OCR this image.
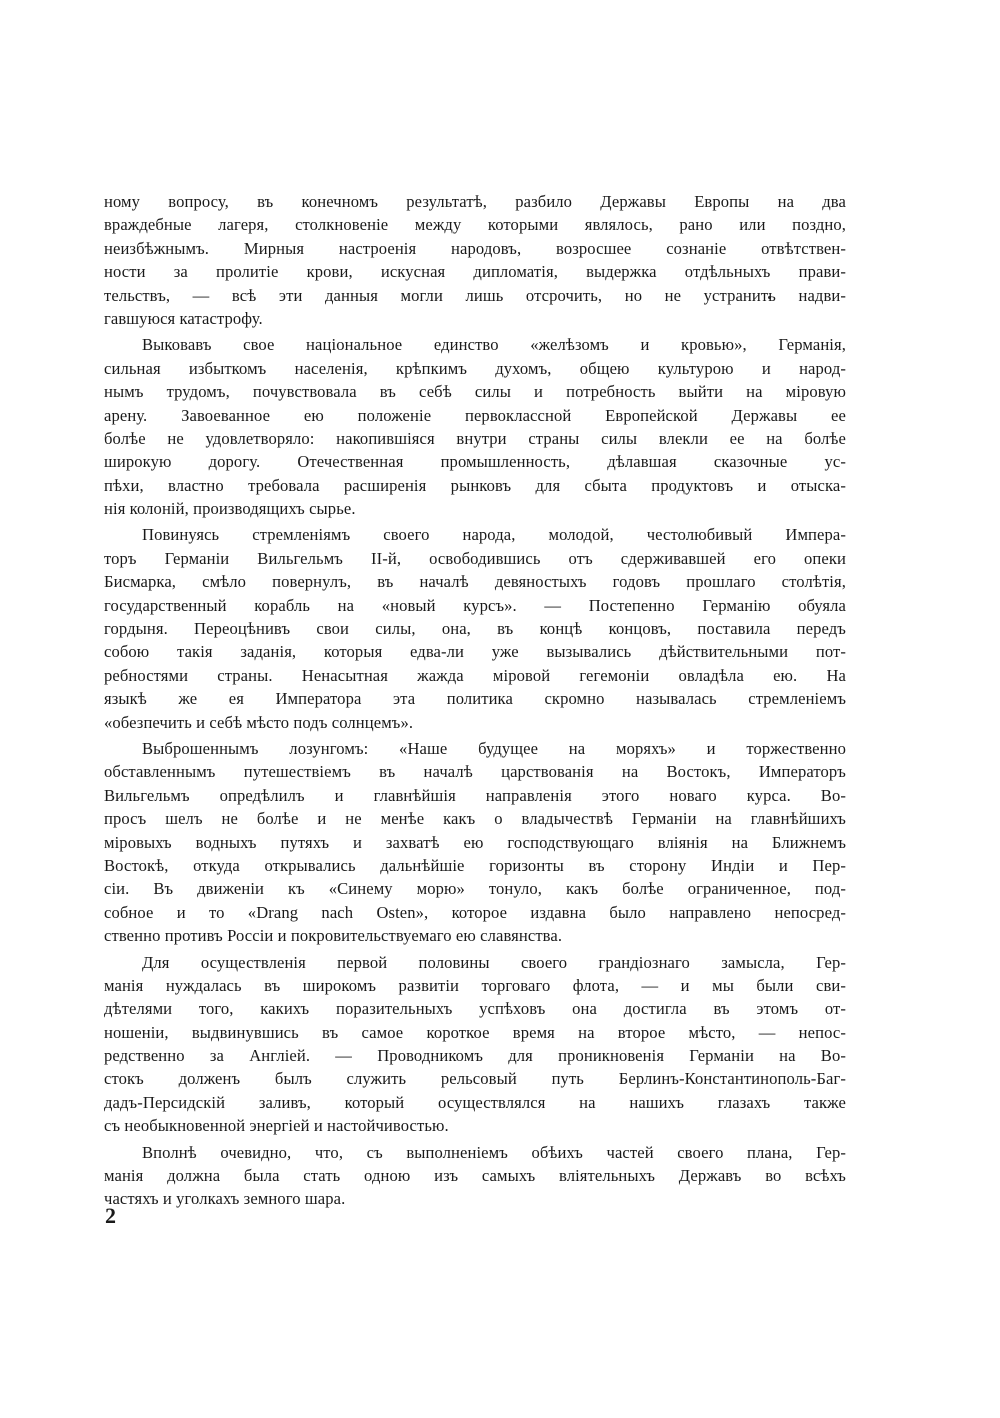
ному вопросу, въ конечномъ результатѣ, разбило Державы Европы на два
враждебные лагеря, столкновеніе между которыми являлось, рано или поздно,
неизбѣжнымъ. Мирныя настроенія народовъ, возросшее сознаніе отвѣтствен-
ности за пролитіе крови, искусная дипломатія, выдержка отдѣльныхъ прави-
тельствъ, — всѣ эти данныя могли лишь отсрочить, но не устранить надви-
гавшуюся катастрофу.
Выковавъ свое національное единство «желѣзомъ и кровью», Германія,
сильная избыткомъ населенія, крѣпкимъ духомъ, общею культурою и народ-
нымъ трудомъ, почувствовала въ себѣ силы и потребность выйти на міровую
арену. Завоеванное ею положеніе первоклассной Европейской Державы ее
болѣе не удовлетворяло: накопившіяся внутри страны силы влекли ее на болѣе
широкую дорогу. Отечественная промышленность, дѣлавшая сказочные ус-
пѣхи, властно требовала расширенія рынковъ для сбыта продуктовъ и отыска-
нія колоній, производящихъ сырье.
Повинуясь стремленіямъ своего народа, молодой, честолюбивый Импера-
торъ Германіи Вильгельмъ II-й, освободившись отъ сдерживавшей его опеки
Бисмарка, смѣло повернулъ, въ началѣ девяностыхъ годовъ прошлаго столѣтія,
государственный корабль на «новый курсъ». — Постепенно Германію обуяла
гордыня. Переоцѣнивъ свои силы, она, въ концѣ концовъ, поставила передъ
собою такія заданія, которыя едва-ли уже вызывались дѣйствительными пот-
ребностями страны. Ненасытная жажда міровой гегемоніи овладѣла ею. На
языкѣ же ея Императора эта политика скромно называлась стремленіемъ
«обезпечить и себѣ мѣсто подъ солнцемъ».
Выброшеннымъ лозунгомъ: «Наше будущее на моряхъ» и торжественно
обставленнымъ путешествіемъ въ началѣ царствованія на Востокъ, Императоръ
Вильгельмъ опредѣлилъ и главнѣйшія направленія этого новаго курса. Во-
просъ шелъ не болѣе и не менѣе какъ о владычествѣ Германіи на главнѣйшихъ
міровыхъ водныхъ путяхъ и захватѣ ею господствующаго вліянія на Ближнемъ
Востокѣ, откуда открывались дальнѣйшіе горизонты въ сторону Индіи и Пер-
сіи. Въ движеніи къ «Синему морю» тонуло, какъ болѣе ограниченное, под-
собное и то «Drang nach Osten», которое издавна было направлено непосред-
ственно противъ Россіи и покровительствуемаго ею славянства.
Для осуществленія первой половины своего грандіознаго замысла, Гер-
манія нуждалась въ широкомъ развитіи торговаго флота, — и мы были сви-
дѣтелями того, какихъ поразительныхъ успѣховъ она достигла въ этомъ от-
ношеніи, выдвинувшись въ самое короткое время на второе мѣсто, — непос-
редственно за Англіей. — Проводникомъ для проникновенія Германіи на Во-
стокъ долженъ былъ служить рельсовый путь Берлинъ-Константинополь-Баг-
дадъ-Персидскій заливъ, который осуществлялся на нашихъ глазахъ также
съ необыкновенной энергіей и настойчивостью.
Вполнѣ очевидно, что, съ выполненіемъ обѣихъ частей своего плана, Гер-
манія должна была стать одною изъ самыхъ вліятельныхъ Державъ во всѣхъ
частяхъ и уголкахъ земного шара.
2
